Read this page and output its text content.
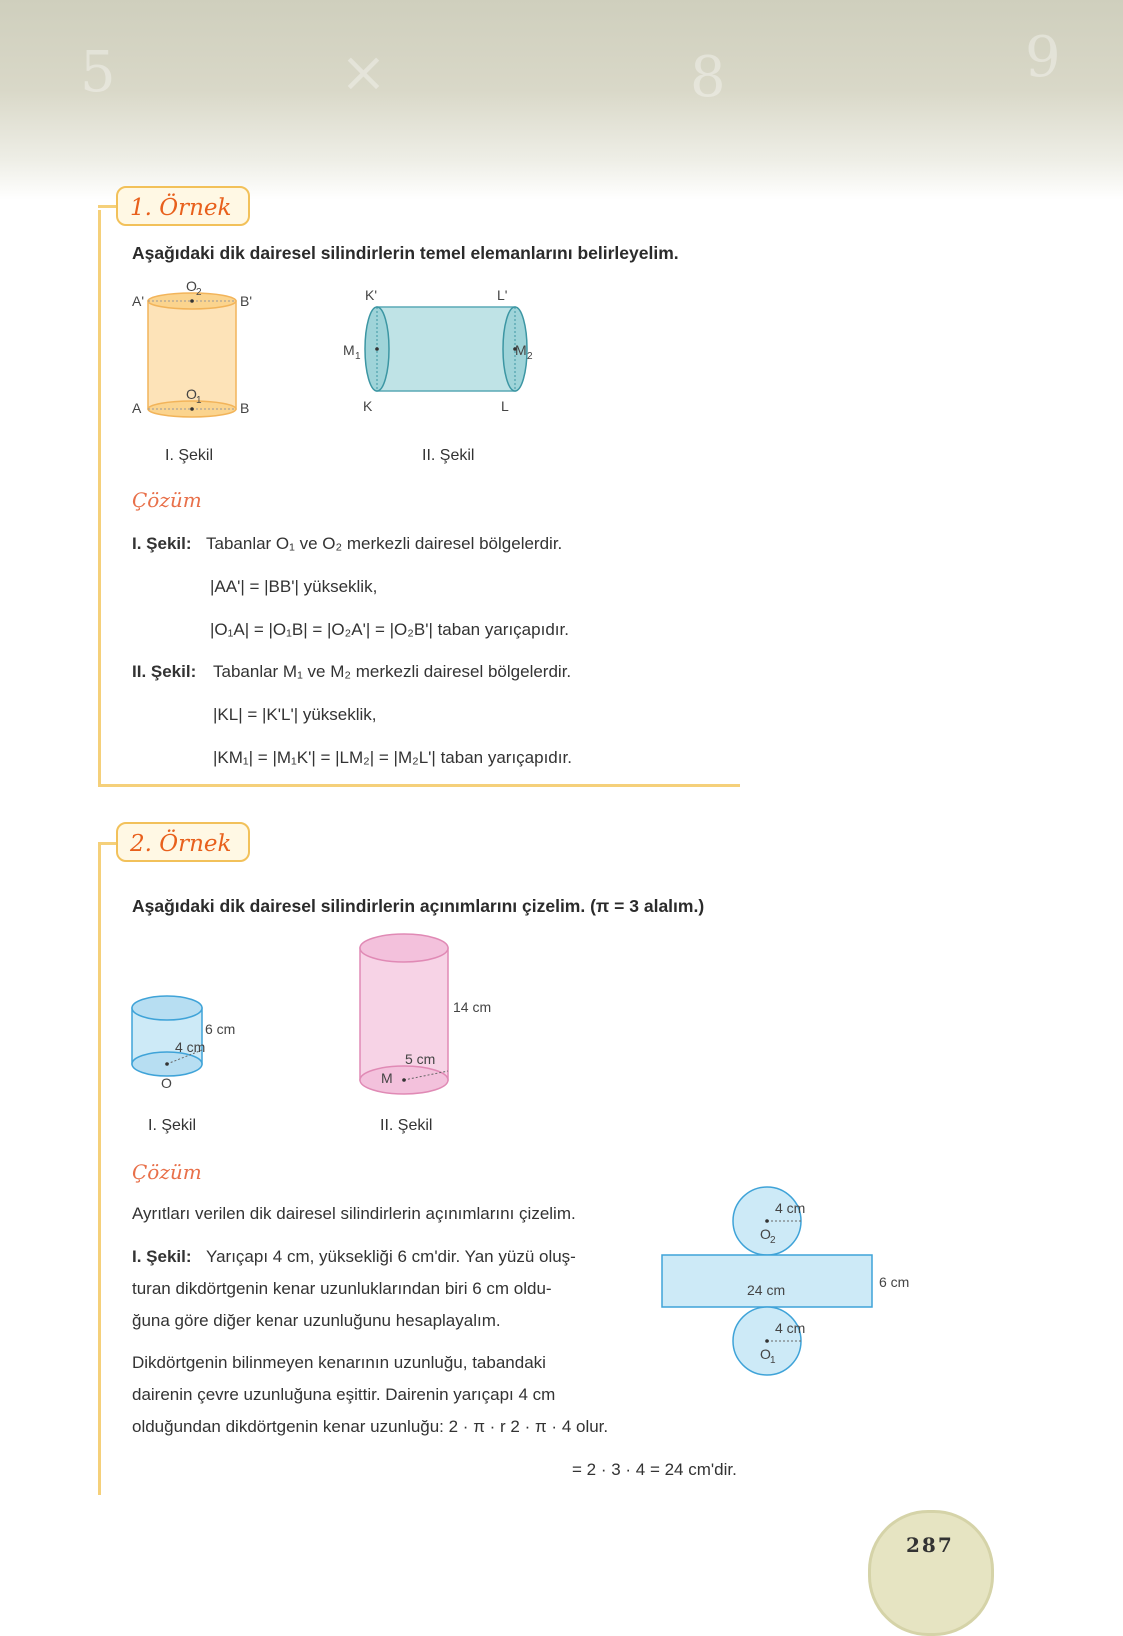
5	×	8	9
1. Örnek
Aşağıdaki dik dairesel silindirlerin temel elemanlarını belirleyelim.
A'
O 2
B'
A
O 1	B
I. Şekil
K'	L'
M 1	M 2
K	L
II. Şekil
Çözüm
I. Şekil: Tabanlar O₁ ve O₂ merkezli dairesel bölgelerdir.
|AA'| = |BB'| yükseklik,
|O₁A| = |O₁B| = |O₂A'| = |O₂B'| taban yarıçapıdır.
II. Şekil: Tabanlar M₁ ve M₂ merkezli dairesel bölgelerdir.
|KL| = |K'L'| yükseklik,
|KM₁| = |M₁K'| = |LM₂| = |M₂L'| taban yarıçapıdır.
2. Örnek
Aşağıdaki dik dairesel silindirlerin açınımlarını çizelim. (π = 3 alalım.)
6 cm
4 cm
O
I. Şekil
14 cm
5 cm
M
II. Şekil
Çözüm
Ayrıtları verilen dik dairesel silindirlerin açınımlarını çizelim.
I. Şekil: Yarıçapı 4 cm, yüksekliği 6 cm'dir. Yan yüzü oluş-
turan dikdörtgenin kenar uzunluklarından biri 6 cm oldu-
ğuna göre diğer kenar uzunluğunu hesaplayalım.
Dikdörtgenin bilinmeyen kenarının uzunluğu, tabandaki
dairenin çevre uzunluğuna eşittir. Dairenin yarıçapı 4 cm
olduğundan dikdörtgenin kenar uzunluğu: 2 · π · r 2 · π · 4 olur.
= 2 · 3 · 4 = 24 cm'dir.
4 cm
O 2
24 cm	6 cm
4 cm
O 1
287
